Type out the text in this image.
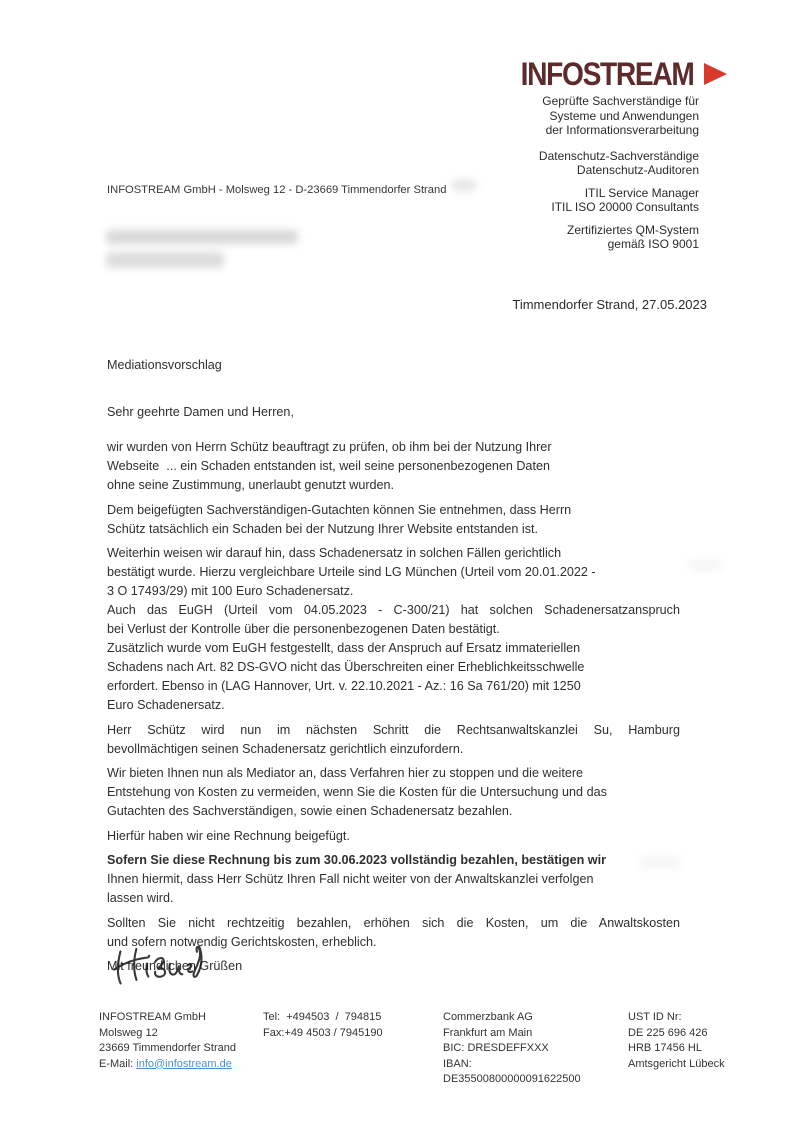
INFOSTREAM
Geprüfte Sachverständige für
Systeme und Anwendungen
der Informationsverarbeitung
Datenschutz-Sachverständige
Datenschutz-Auditoren
ITIL Service Manager
ITIL ISO 20000 Consultants
Zertifiziertes QM-System
gemäß ISO 9001
INFOSTREAM GmbH - Molsweg 12 - D-23669 Timmendorfer Strand
Timmendorfer Strand, 27.05.2023
Mediationsvorschlag
Sehr geehrte Damen und Herren,
wir wurden von Herrn Schütz beauftragt zu prüfen, ob ihm bei der Nutzung Ihrer
Webseite  ... ein Schaden entstanden ist, weil seine personenbezogenen Daten
ohne seine Zustimmung, unerlaubt genutzt wurden.
Dem beigefügten Sachverständigen-Gutachten können Sie entnehmen, dass Herrn
Schütz tatsächlich ein Schaden bei der Nutzung Ihrer Website entstanden ist.
Weiterhin weisen wir darauf hin, dass Schadenersatz in solchen Fällen gerichtlich
bestätigt wurde. Hierzu vergleichbare Urteile sind LG München (Urteil vom 20.01.2022 -
3 O 17493/29) mit 100 Euro Schadenersatz.
Auch das EuGH (Urteil vom 04.05.2023 - C-300/21) hat solchen Schadenersatzanspruch
bei Verlust der Kontrolle über die personenbezogenen Daten bestätigt.
Zusätzlich wurde vom EuGH festgestellt, dass der Anspruch auf Ersatz immateriellen
Schadens nach Art. 82 DS-GVO nicht das Überschreiten einer Erheblichkeitsschwelle
erfordert. Ebenso in (LAG Hannover, Urt. v. 22.10.2021 - Az.: 16 Sa 761/20) mit 1250
Euro Schadenersatz.
Herr Schütz wird nun im nächsten Schritt die Rechtsanwaltskanzlei Su, Hamburg
bevollmächtigen seinen Schadenersatz gerichtlich einzufordern.
Wir bieten Ihnen nun als Mediator an, dass Verfahren hier zu stoppen und die weitere
Entstehung von Kosten zu vermeiden, wenn Sie die Kosten für die Untersuchung und das
Gutachten des Sachverständigen, sowie einen Schadenersatz bezahlen.
Hierfür haben wir eine Rechnung beigefügt.
Sofern Sie diese Rechnung bis zum 30.06.2023 vollständig bezahlen, bestätigen wir
Ihnen hiermit, dass Herr Schütz Ihren Fall nicht weiter von der Anwaltskanzlei verfolgen
lassen wird.
Sollten Sie nicht rechtzeitig bezahlen, erhöhen sich die Kosten, um die Anwaltskosten
und sofern notwendig Gerichtskosten, erheblich.
Mit freundlichen Grüßen
INFOSTREAM GmbH
Molsweg 12
23669 Timmendorfer Strand
E-Mail: info@infostream.de
Tel:  +494503  /  794815
Fax:+49 4503 / 7945190
Commerzbank AG
Frankfurt am Main
BIC: DRESDEFFXXX
IBAN:
DE35500800000091622500
UST ID Nr:
DE 225 696 426
HRB 17456 HL
Amtsgericht Lübeck
